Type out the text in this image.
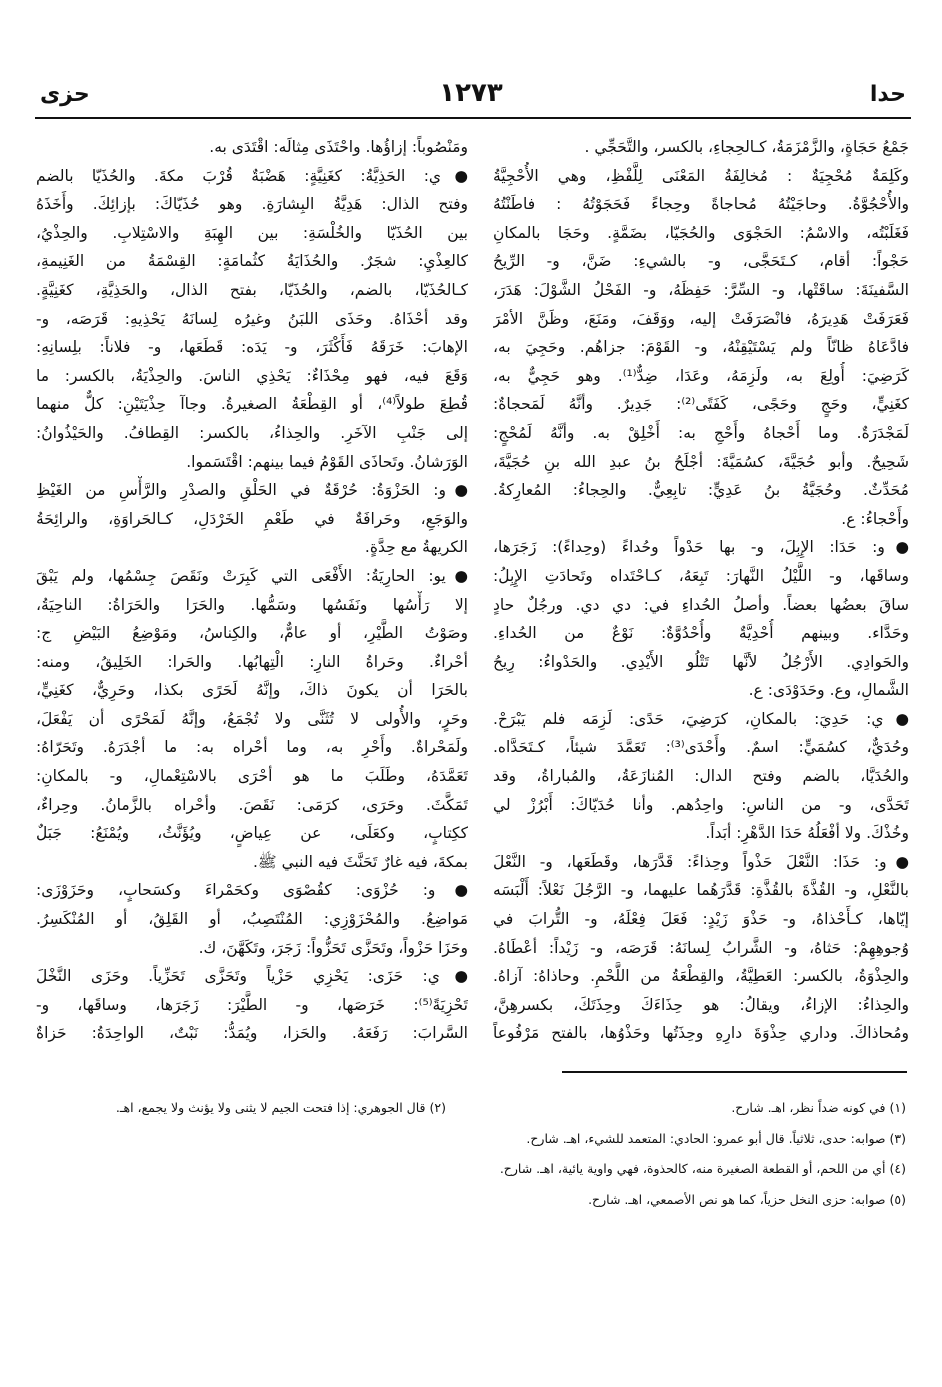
حدا
١٢٧٣
حزى
جَمْعُ حَجَاةٍ، والزَّمْزَمَةُ، كـالحِجاءِ، بالكسر، والتَّحَجِّي .
وكَلِمَةٌ مُحْجِيَةٌ : مُخالِفَةُ المَعْنَى لِلَّفْظِ، وهي الأُحْجِيَّةُ
والأُحْجُوَّةُ. وحاجَيْتُهُ مُحاجاةً وحِجاءً فَحَجَوْتُهُ : فاطَنْتُهُ
فَغَلَبْتُه، والاسْمُ: الحَجْوَى والحُجَيّا، بضَمَّةٍ. وحَجَا بالمكانِ
حَجْواً: أقام، كـتَحَجَّى، و- بالشيءِ: ضَنَّ، و- الرِّيحُ
السَّفينَةَ: ساقَتْها، و- السِّرَّ: حَفِظَهُ، و- الفَحْلُ الشَّوْلَ: هَدَرَ،
فَعَرَفَتْ هَدِيرَهُ، فانْصَرَفَتْ إليه، ووَقَفَ، ومَنَعَ، وظَنَّ الأمْرَ
فادَّعَاهُ ظانّاً ولم يَسْتَيْقِنْهُ، و- القَوْمَ: جزاهُم. وحَجِيَ به،
كَرَضِيَ: أُولِعَ به، ولَزِمَهُ، وعَدَا، ضِدٌّ⁽¹⁾. وهو حَجِيٌّ به،
كغَنِيٍّ، وحَجٍ وحَجًى، كَفَتًى⁽²⁾: جَدِيرٌ. وأنَّهُ لَمَحجاةٌ:
لَمَجْدَرَةٌ. وما أَحْجاهُ وأَحْجِ به: أَخْلِقْ به. وأنَّهُ لَمُحْجٍ:
شَحِيحٌ. وأبو حُجَيَّةَ، كسُمَيَّةَ: أجْلَحُ بنُ عبدِ الله بنِ حُجَيَّةَ،
مُحَدِّثٌ. وحُجَيَّةُ بنُ عَدِيٍّ: تابِعِيٌّ. والحِجاءُ: المُعارِكةُ.
وأَحْجاءُ: ع.
●و: حَدَا: الإِبِلَ، و- بها حَدْواً وحُداءً (وحِداءً): زَجَرَها،
وساقَها، و- اللَّيْلُ النَّهارَ: تَبِعَهُ، كـاحْتَداه وتَحادَتِ الإِبِلُ:
ساقَ بعضُها بعضاً. وأصلُ الحُداءِ في: دي دي. ورجُلٌ حادٍ
وحَدَّاء. وبينهم أُحْدِيَّةٌ وأُحْدُوَّةٌ: نَوْعٌ من الحُداءِ.
والحَوادِي. الأَرْجُلُ لأنَّها تَتْلُو الأَيْدِي. والحَدْواءُ: رِيحُ
الشَّمالِ، وع. وحَدَوْدَى: ع.
●ي: حَدِيَ: بالمكانِ، كرَضِيَ، حَدًى: لَزِمَه فلم يَبْرَحْ.
وحُدَيٌّ، كسُمَيٍّ: اسمٌ. وأَحْدَى⁽³⁾: تَعَمَّدَ شيئاً، كـتَحَدَّاه.
والحُدَيَّا، بالضم وفتح الدال: المُنازَعَةُ، والمُباراةُ، وقد
تَحَدَّى، و- من الناسِ: واحِدُهم. وأنا حُدَيّاكَ: أَبْرُزْ لي
وخُذْكَ. ولا أفْعَلُهُ حَدَا الدَّهْرِ: أبَداً.
●و: حَذَا: النَّعْلَ حَذْواً وحِذاءً: قَدَّرَها، وقَطَعَها، و- النَّعْلَ
بالنَّعْلِ، و- القُذَّةَ بالقُذَّةِ: قَدَّرَهُما عليهما، و- الرَّجُلَ نَعْلاً: أَلْبَسَه
إيّاها، كـأَحْذاهُ، و- حَذْوَ زَيْدٍ: فَعَلَ فِعْلَهُ، و- التُّرابَ في
وُجوهِهِمْ: حَثاهُ، و- الشَّرابُ لِسانَهُ: قَرَصَه، و- زَيْداً: أعْطَاهُ.
والحِذْوَةُ، بالكسر: العَطِيَّةُ، والقِطْعَةُ من اللَّحْمِ. وحاذاهُ: آزاهُ.
والحِذاءُ: الإزاءُ، ويقالُ: هو حِذَاءَكَ وحِذَتَكَ، بكسرهِنَّ،
ومُحاذاكَ. وداري حِذْوَةَ دارِهِ وحِذَتُها وحَذْوُها، بالفتح مَرْفُوعاً
ومَنْصُوباً: إزاؤُها. واحْتَذَى مِثالَه: اقْتَدَى به.
●ي: الحَذِيَّةُ: كغَنِيَّةٍ: هَضْبَةٌ قُرْبَ مكةَ. والحُذَيّا بالضم
وفتح الذال: هَدِيَّةُ البِشارَةِ. وهو حُذَيّاكَ: بإزائِكَ. وأَخَذَهُ
بين الحُذَيّا والخُلْسَةِ: بين الهِبَةِ والاسْتِلابِ. والحِذْيُ،
كالعِذْيِ: شجَرٌ. والحُذَايَةُ كثُمامَةٍ: القِسْمَةُ من الغَنِيمةِ،
كـالحُذَيّا، بالضم، والحُذَيّا، بفتح الذال، والحَذِيَّةِ، كغَنِيَّةٍ.
وقد أحْذَاهُ. وحَذَى اللبَنُ وغيرُه لِسانَهُ يَحْذِيهِ: قَرَصَه، و-
الإهابَ: خَرَقَهُ فَأَكْثَرَ، و- يَدَه: قَطَعَها، و- فلاناً: بلِسانِهِ:
وَقَعَ فيه، فهو مِحْذَاءٌ: يَحْذِي الناسَ. والحِذْيَةُ، بالكسر: ما
قُطِعَ طولاً⁽⁴⁾، أو القِطْعَةُ الصغيرةُ. وجاآ حِذْيَتَيْنِ: كلٌّ منهما
إلى جَنْبِ الآخَرِ. والحِذاءُ، بالكسر: القِطافُ. والحَيْذُوانُ:
الوَرَشانُ. وتَحاذَى القَوْمُ فيما بينهم: اقْتَسَموا.
●و: الحَزْوَةُ: حُرْقَةٌ في الحَلْقِ والصدْرِ والرَّأْسِ من الغَيْظِ
والوَجَعِ، وحَرافَةٌ في طَعْمِ الخَرْدَلِ، كـالحَراوَةِ، والرائِحَةُ
الكريهةُ مع حِدَّةٍ.
●يو: الحارِيَةُ: الأَفْعَى التي كَبِرَتْ ونَقَصَ جِسْمُها، ولم يَبْقَ
إلا رَأْسُها ونَفَسُها وسَمُّها. والحَرَا والحَرَاةُ: الناحِيَةُ،
وصَوْتُ الطَّيْرِ، أو عامٌّ، والكِناسُ، ومَوْضِعُ البَيْضِ ج:
أحْراءٌ. وحَراةُ النارِ: الْتِهابُها. والحَرا: الخَلِيقُ، ومنه:
بالحَرَا أن يكونَ ذاكَ، وإنَّهُ لَحَرًى بكذا، وحَرِيٌّ، كغَنِيٍّ،
وحَرٍ، والأُولى لا تُثَنَّى ولا تُجْمَعُ، وإنَّهُ لَمَحْرًى أن يَفْعَلَ،
ولَمَحْراةٌ. وأَحْرِ به، وما أحْراه به: ما أجْدَرَهُ. وتَحَرّاهُ:
تَعَمَّدَهُ، وطَلَبَ ما هو أحْرَى بالاسْتِعْمالِ، و- بالمكانِ:
تَمَكَّثَ. وحَرَى، كرَمَى: نَقَصَ. وأحْراه بالزَّمانُ. وحِراءٌ،
ككِتابٍ، وكعَلَى، عن عِياضٍ، ويُؤَنَّثُ، ويُمْنَعُ: جَبَلٌ
بمكةَ، فيه غارٌ تَحَنَّثَ فيه النبي ﷺ.
●و: حُزْوَى: كقُصْوَى وكحَمْراءَ وكسَحابٍ، وحَزَوْزَى:
مَواضِعُ. والمُحْزَوْزِي: المُنْتَصِبُ، أو القَلِقُ، أو المُنْكَسِرُ.
وحَزَا حَزْواً، وتَحَزَّى تَحَزُّواً: زَجَرَ، وتَكَهَّنَ، ك.
●ي: حَزَى: يَحْزِي حَزْياً وتَحَزَّى تَحَزِّياً. وحَزَى النَّخْلَ
تَحْزِيَةً⁽⁵⁾: خَرَصَها، و- الطَّيْرَ: زَجَرَها، وساقَها، و-
السَّرابَ: رَفَعَهُ. والحَزا، ويُمَدُّ: نَبْتٌ، الواحِدَةُ: حَزاةٌ
(١) في كونه ضداً نظر، اهـ. شارح.
(٢) قال الجوهري: إذا فتحت الجيم لا يثنى ولا يؤنث ولا يجمع، اهـ.
(٣) صوابه: حدى، ثلاثياً. قال أبو عمرو: الحادي: المتعمد للشيء، اهـ. شارح.
(٤) أي من اللحم، أو القطعة الصغيرة منه، كالحذوة، فهي واوية يائية، اهـ. شارح.
(٥) صوابه: حزى النخل حزياً، كما هو نص الأصمعي، اهـ. شارح.
